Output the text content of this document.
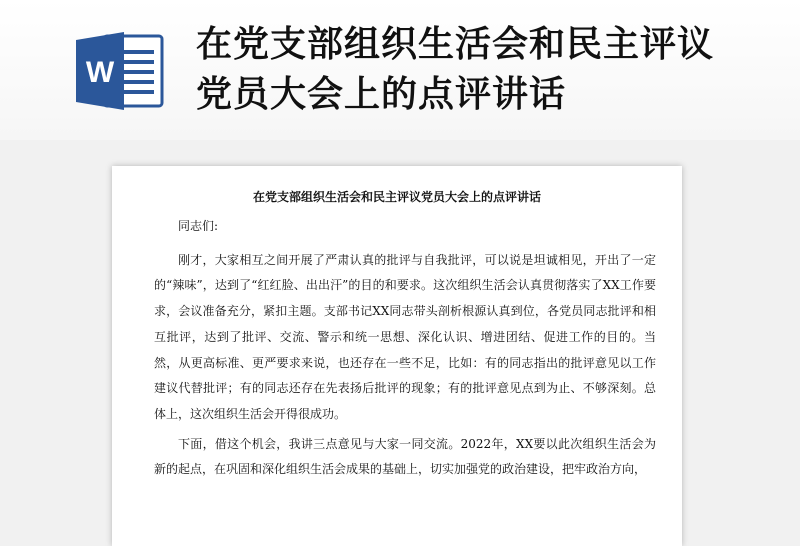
W
在党支部组织生活会和民主评议
党员大会上的点评讲话
在党支部组织生活会和民主评议党员大会上的点评讲话

同志们:

刚才，大家相互之间开展了严肃认真的批评与自我批评，可以说是坦诚相见，开出了一定的“辣味”，达到了“红红脸、出出汗”的目的和要求。这次组织生活会认真贯彻落实了XX工作要求，会议准备充分，紧扣主题。支部书记XX同志带头剖析根源认真到位，各党员同志批评和相互批评，达到了批评、交流、警示和统一思想、深化认识、增进团结、促进工作的目的。当然，从更高标准、更严要求来说，也还存在一些不足，比如：有的同志指出的批评意见以工作建议代替批评；有的同志还存在先表扬后批评的现象；有的批评意见点到为止、不够深刻。总体上，这次组织生活会开得很成功。

下面，借这个机会，我讲三点意见与大家一同交流。2022年，XX要以此次组织生活会为新的起点，在巩固和深化组织生活会成果的基础上，切实加强党的政治建设，把牢政治方向，
